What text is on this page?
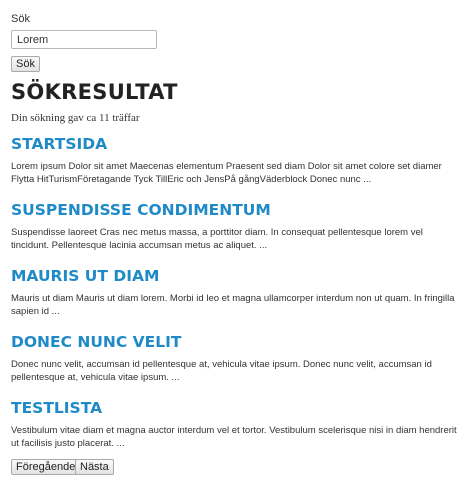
Sök
Lorem
Sök
SÖKRESULTAT
Din sökning gav ca 11 träffar
STARTSIDA

Lorem ipsum Dolor sit amet Maecenas elementum Praesent sed diam Dolor sit amet colore set diamer Flytta HitTurismFöretagande Tyck TillEric och JensPå gångVäderblock Donec nunc ...

SUSPENDISSE CONDIMENTUM

Suspendisse laoreet Cras nec metus massa, a porttitor diam. In consequat pellentesque lorem vel tincidunt. Pellentesque lacinia accumsan metus ac aliquet. ...

MAURIS UT DIAM

Mauris ut diam Mauris ut diam lorem. Morbi id leo et magna ullamcorper interdum non ut quam. In fringilla sapien id ...

DONEC NUNC VELIT

Donec nunc velit, accumsan id pellentesque at, vehicula vitae ipsum. Donec nunc velit, accumsan id pellentesque at, vehicula vitae ipsum. ...

TESTLISTA

Vestibulum vitae diam et magna auctor interdum vel et tortor. Vestibulum scelerisque nisi in diam hendrerit ut facilisis justo placerat. ...

Föregående Nästa
